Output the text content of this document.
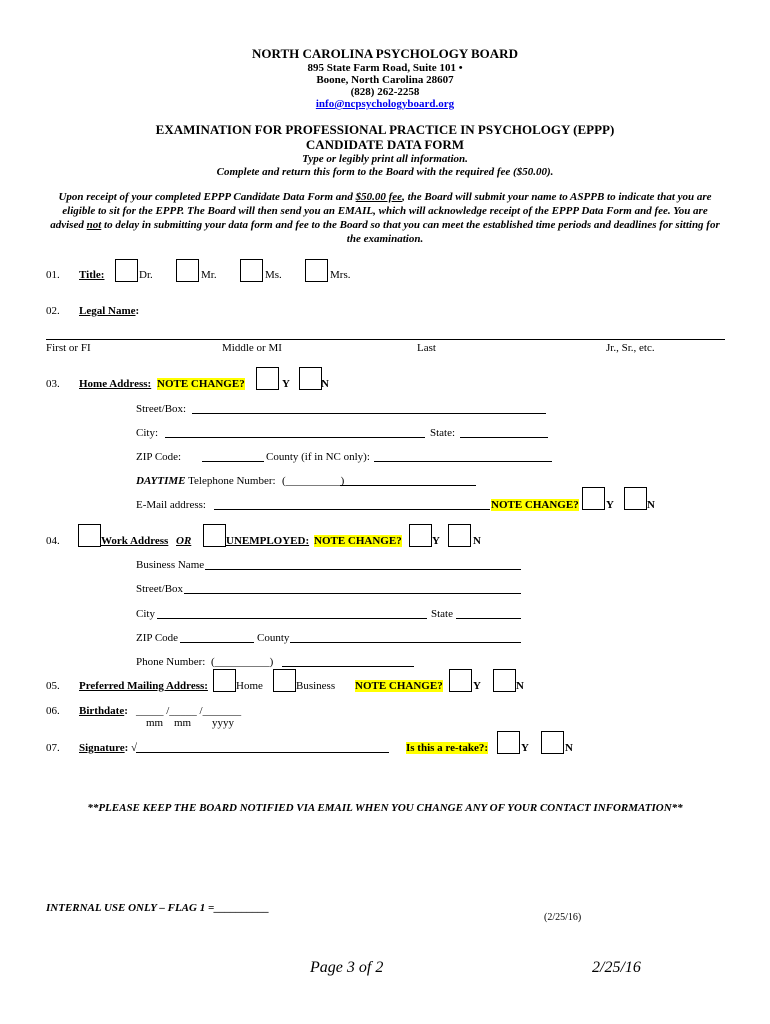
NORTH CAROLINA PSYCHOLOGY BOARD
895 State Farm Road, Suite 101 •
Boone, North Carolina 28607
(828) 262-2258
info@ncpsychologyboard.org
EXAMINATION FOR PROFESSIONAL PRACTICE IN PSYCHOLOGY (EPPP)
CANDIDATE DATA FORM
Type or legibly print all information.
Complete and return this form to the Board with the required fee ($50.00).
Upon receipt of your completed EPPP Candidate Data Form and $50.00 fee, the Board will submit your name to ASPPB to indicate that you are
eligible to sit for the EPPP. The Board will then send you an EMAIL, which will acknowledge receipt of the EPPP Data Form and fee. You are
advised not to delay in submitting your data form and fee to the Board so that you can meet the established time periods and deadlines for sitting for
the examination.
01. Title:	Dr.	Mr.	Ms.	Mrs.
02. Legal Name:
First or FI	Middle or MI	Last	Jr., Sr., etc.
03. Home Address: NOTE CHANGE?	Y	N
Street/Box:
City:	State:
ZIP Code:	County (if in NC only):
DAYTIME Telephone Number: (__________)
E-Mail address:	NOTE CHANGE? Y	N
04.	Work Address OR	UNEMPLOYED: NOTE CHANGE?	Y	N
Business Name
Street/Box
City	State
ZIP Code	County
Phone Number: (__________)
05. Preferred Mailing Address:	Home	Business NOTE CHANGE?	Y	N
06. Birthdate: _____ /_____ /_______
mm mm yyyy
07. Signature: √	Is this a re-take?:	Y	N
**PLEASE KEEP THE BOARD NOTIFIED VIA EMAIL WHEN YOU CHANGE ANY OF YOUR CONTACT INFORMATION**
INTERNAL USE ONLY – FLAG 1 =__________
(2/25/16)
Page 3 of 2	2/25/16
